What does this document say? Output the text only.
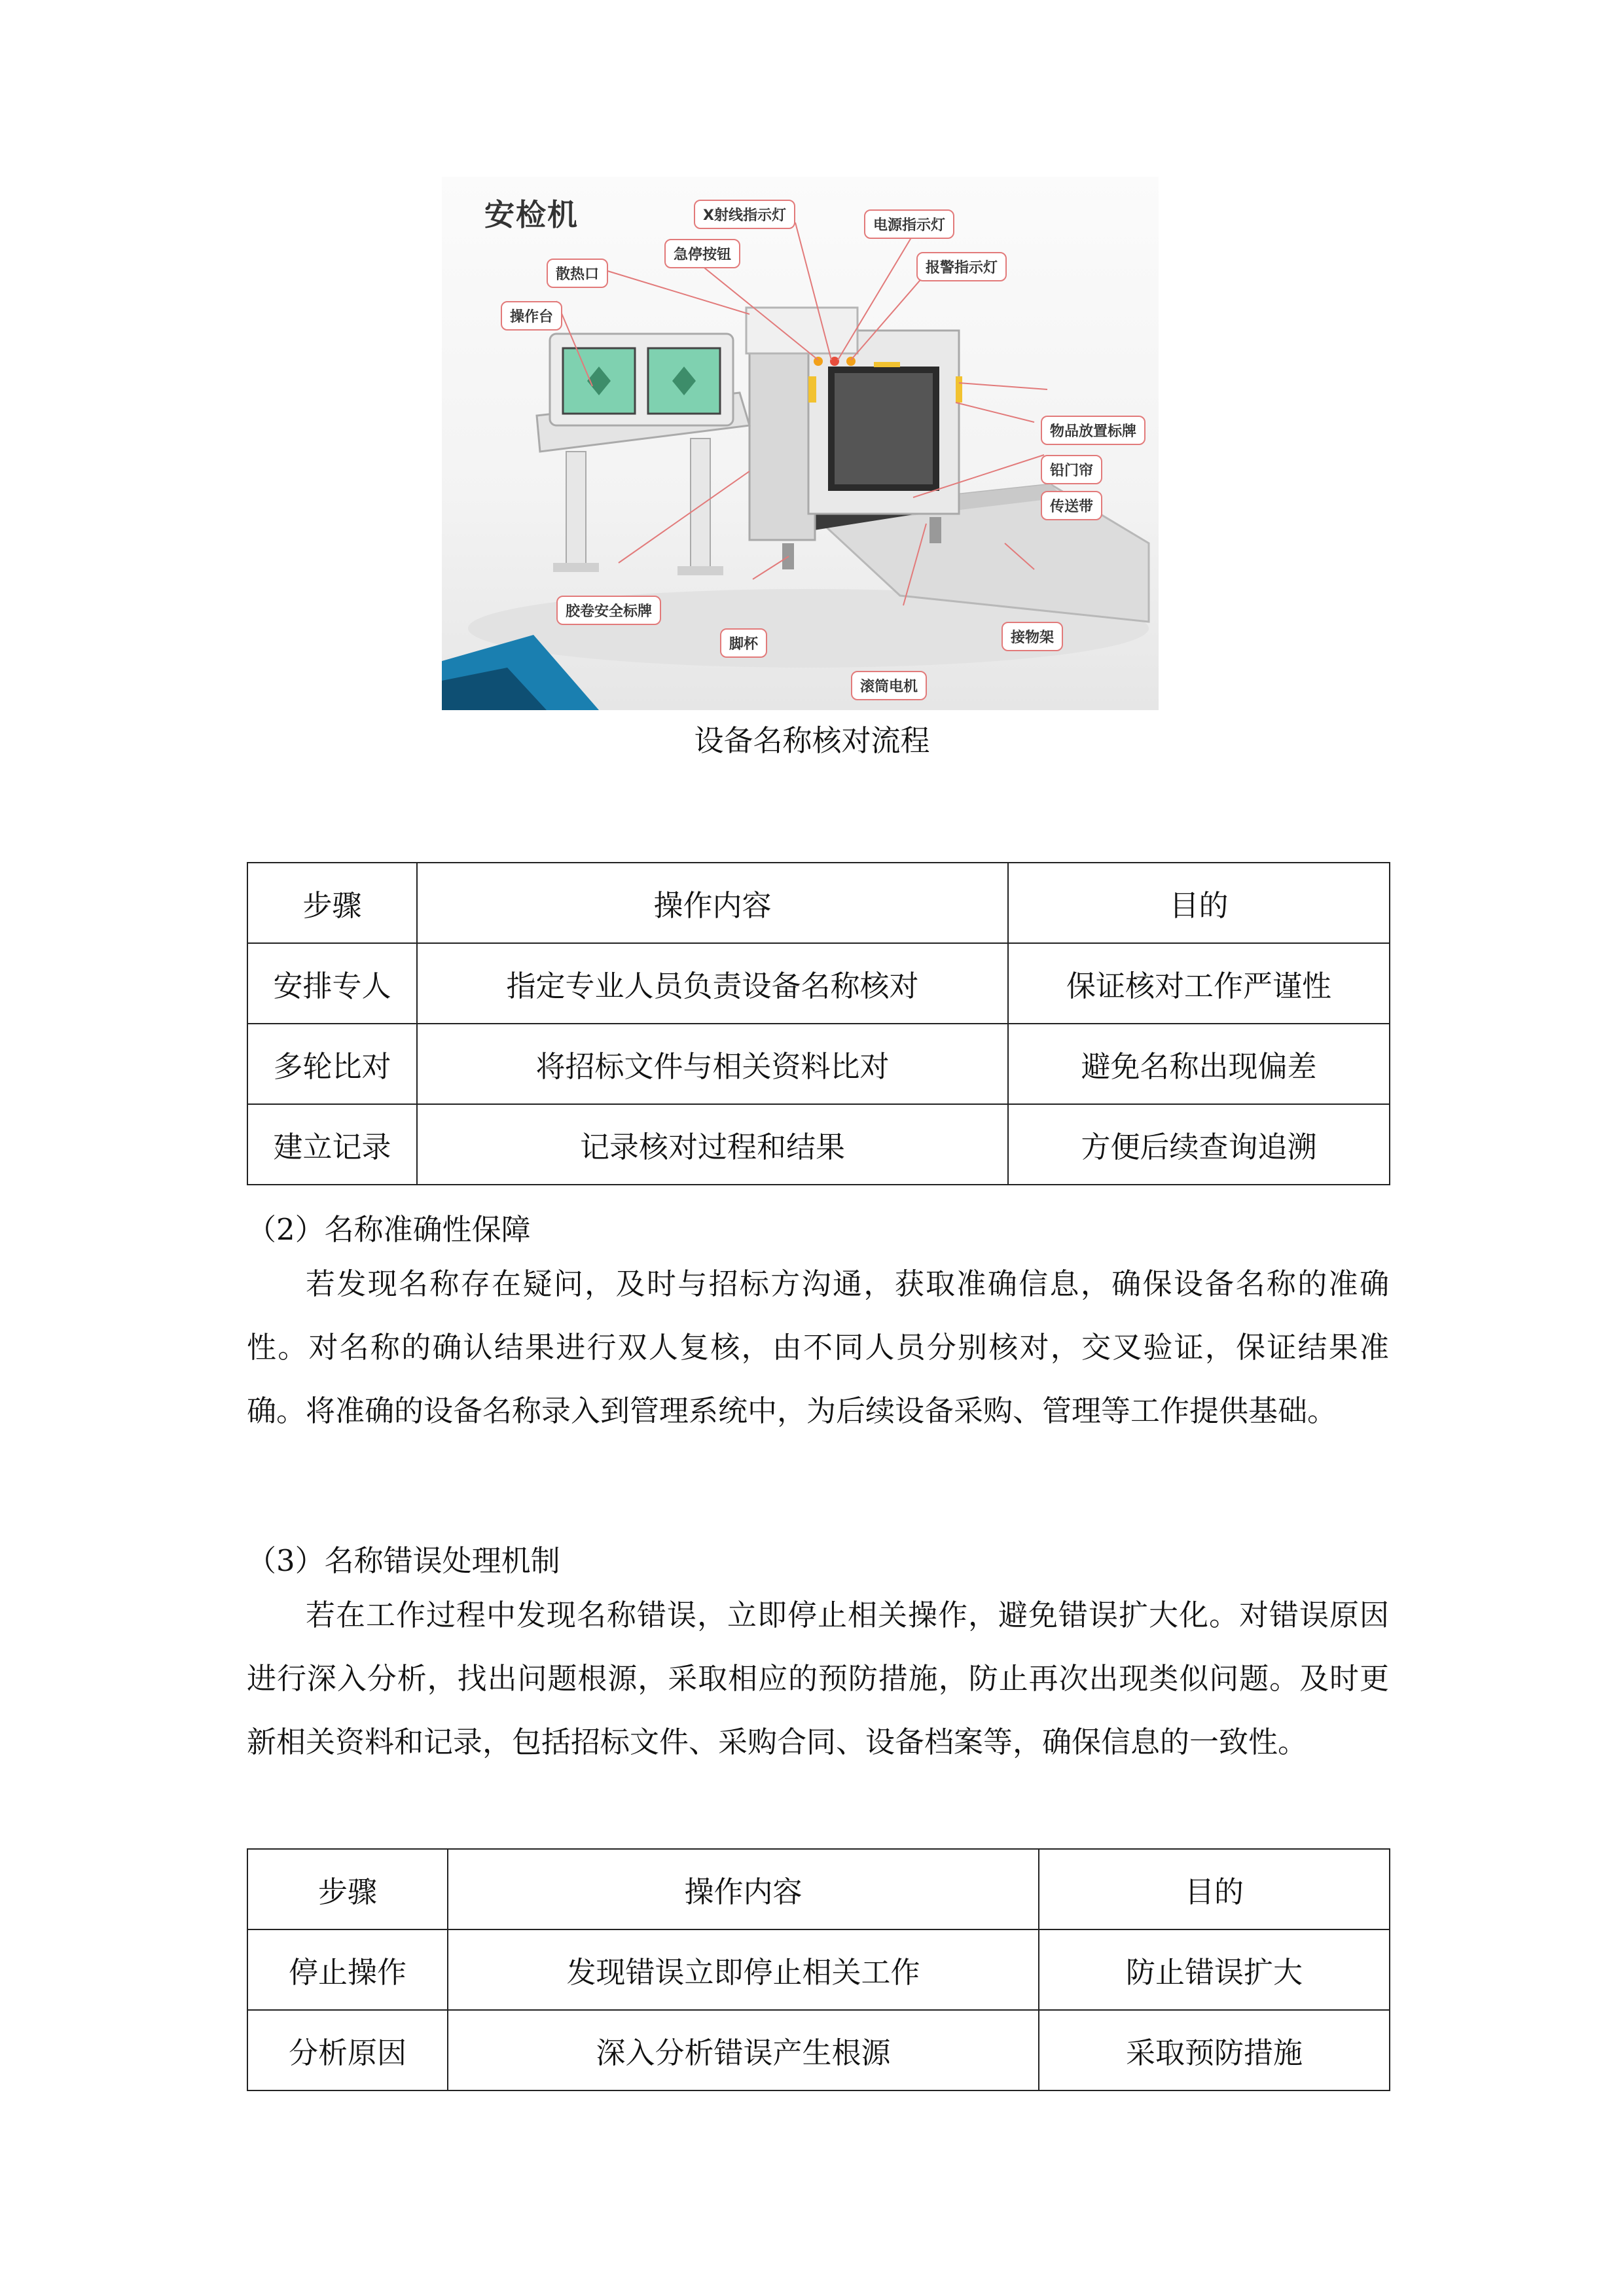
安检机	X射线指示灯
电源指示灯
急停按钮
报警指示灯
散热口
操作台
物品放置标牌
铅门帘
传送带
胶卷安全标牌
脚杯	接物架
滚筒电机
设备名称核对流程
步骤	操作内容	目的
安排专人	指定专业人员负责设备名称核对	保证核对工作严谨性
多轮比对	将招标文件与相关资料比对	避免名称出现偏差
建立记录	记录核对过程和结果	方便后续查询追溯
（2）名称准确性保障

若发现名称存在疑问，及时与招标方沟通，获取准确信息，确保设备名称的准确性。对名称的确认结果进行双人复核，由不同人员分别核对，交叉验证，保证结果准确。将准确的设备名称录入到管理系统中，为后续设备采购、管理等工作提供基础。

（3）名称错误处理机制

若在工作过程中发现名称错误，立即停止相关操作，避免错误扩大化。对错误原因进行深入分析，找出问题根源，采取相应的预防措施，防止再次出现类似问题。及时更新相关资料和记录，包括招标文件、采购合同、设备档案等，确保信息的一致性。

步骤	操作内容	目的
停止操作	发现错误立即停止相关工作	防止错误扩大
分析原因	深入分析错误产生根源	采取预防措施
